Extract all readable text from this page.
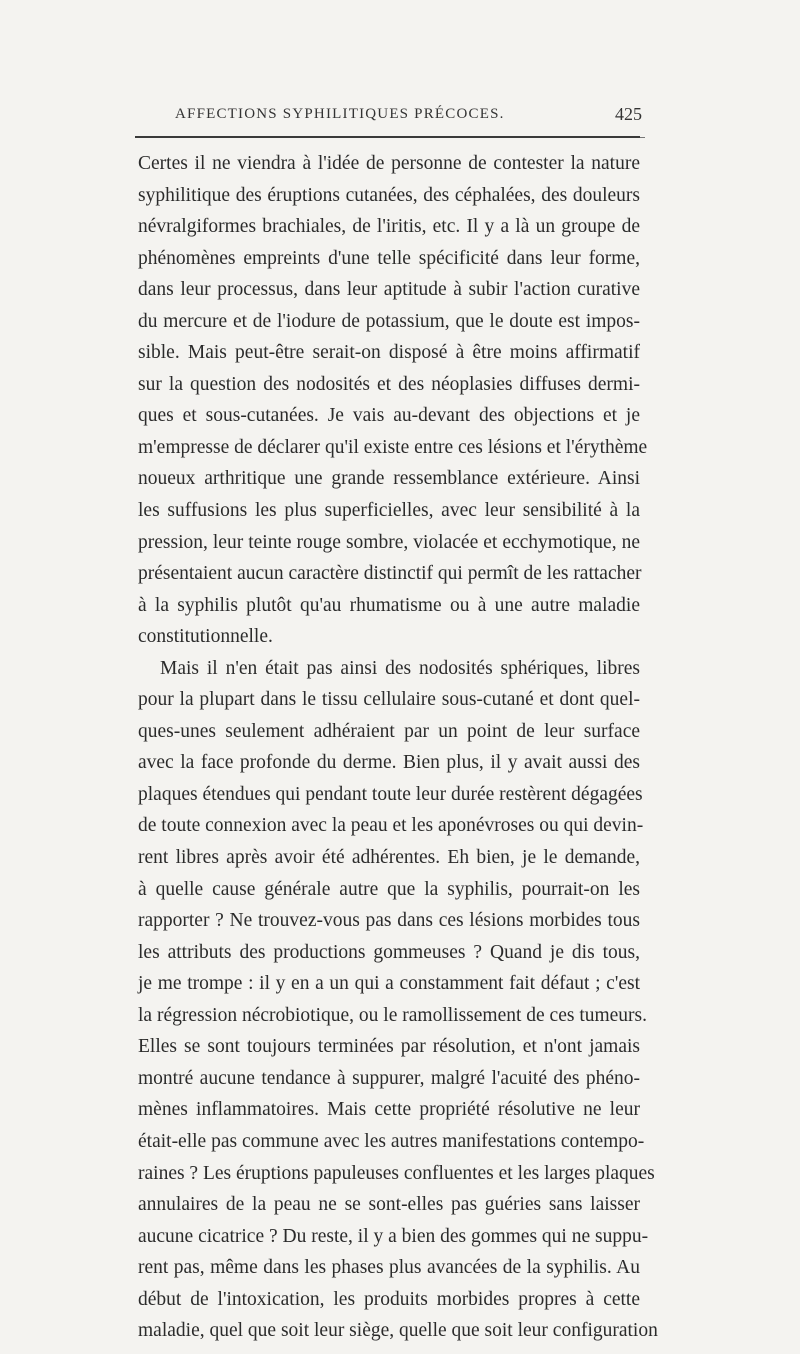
AFFECTIONS SYPHILITIQUES PRÉCOCES.	425
Certes il ne viendra à l'idée de personne de contester la nature
syphilitique des éruptions cutanées, des céphalées, des douleurs
névralgiformes brachiales, de l'iritis, etc. Il y a là un groupe de
phénomènes empreints d'une telle spécificité dans leur forme,
dans leur processus, dans leur aptitude à subir l'action curative
du mercure et de l'iodure de potassium, que le doute est impos-
sible. Mais peut-être serait-on disposé à être moins affirmatif
sur la question des nodosités et des néoplasies diffuses dermi-
ques et sous-cutanées. Je vais au-devant des objections et je
m'empresse de déclarer qu'il existe entre ces lésions et l'érythème
noueux arthritique une grande ressemblance extérieure. Ainsi
les suffusions les plus superficielles, avec leur sensibilité à la
pression, leur teinte rouge sombre, violacée et ecchymotique, ne
présentaient aucun caractère distinctif qui permît de les rattacher
à la syphilis plutôt qu'au rhumatisme ou à une autre maladie
constitutionnelle.
Mais il n'en était pas ainsi des nodosités sphériques, libres
pour la plupart dans le tissu cellulaire sous-cutané et dont quel-
ques-unes seulement adhéraient par un point de leur surface
avec la face profonde du derme. Bien plus, il y avait aussi des
plaques étendues qui pendant toute leur durée restèrent dégagées
de toute connexion avec la peau et les aponévroses ou qui devin-
rent libres après avoir été adhérentes. Eh bien, je le demande,
à quelle cause générale autre que la syphilis, pourrait-on les
rapporter ? Ne trouvez-vous pas dans ces lésions morbides tous
les attributs des productions gommeuses ? Quand je dis tous,
je me trompe : il y en a un qui a constamment fait défaut ; c'est
la régression nécrobiotique, ou le ramollissement de ces tumeurs.
Elles se sont toujours terminées par résolution, et n'ont jamais
montré aucune tendance à suppurer, malgré l'acuité des phéno-
mènes inflammatoires. Mais cette propriété résolutive ne leur
était-elle pas commune avec les autres manifestations contempo-
raines ? Les éruptions papuleuses confluentes et les larges plaques
annulaires de la peau ne se sont-elles pas guéries sans laisser
aucune cicatrice ? Du reste, il y a bien des gommes qui ne suppu-
rent pas, même dans les phases plus avancées de la syphilis. Au
début de l'intoxication, les produits morbides propres à cette
maladie, quel que soit leur siège, quelle que soit leur configuration
